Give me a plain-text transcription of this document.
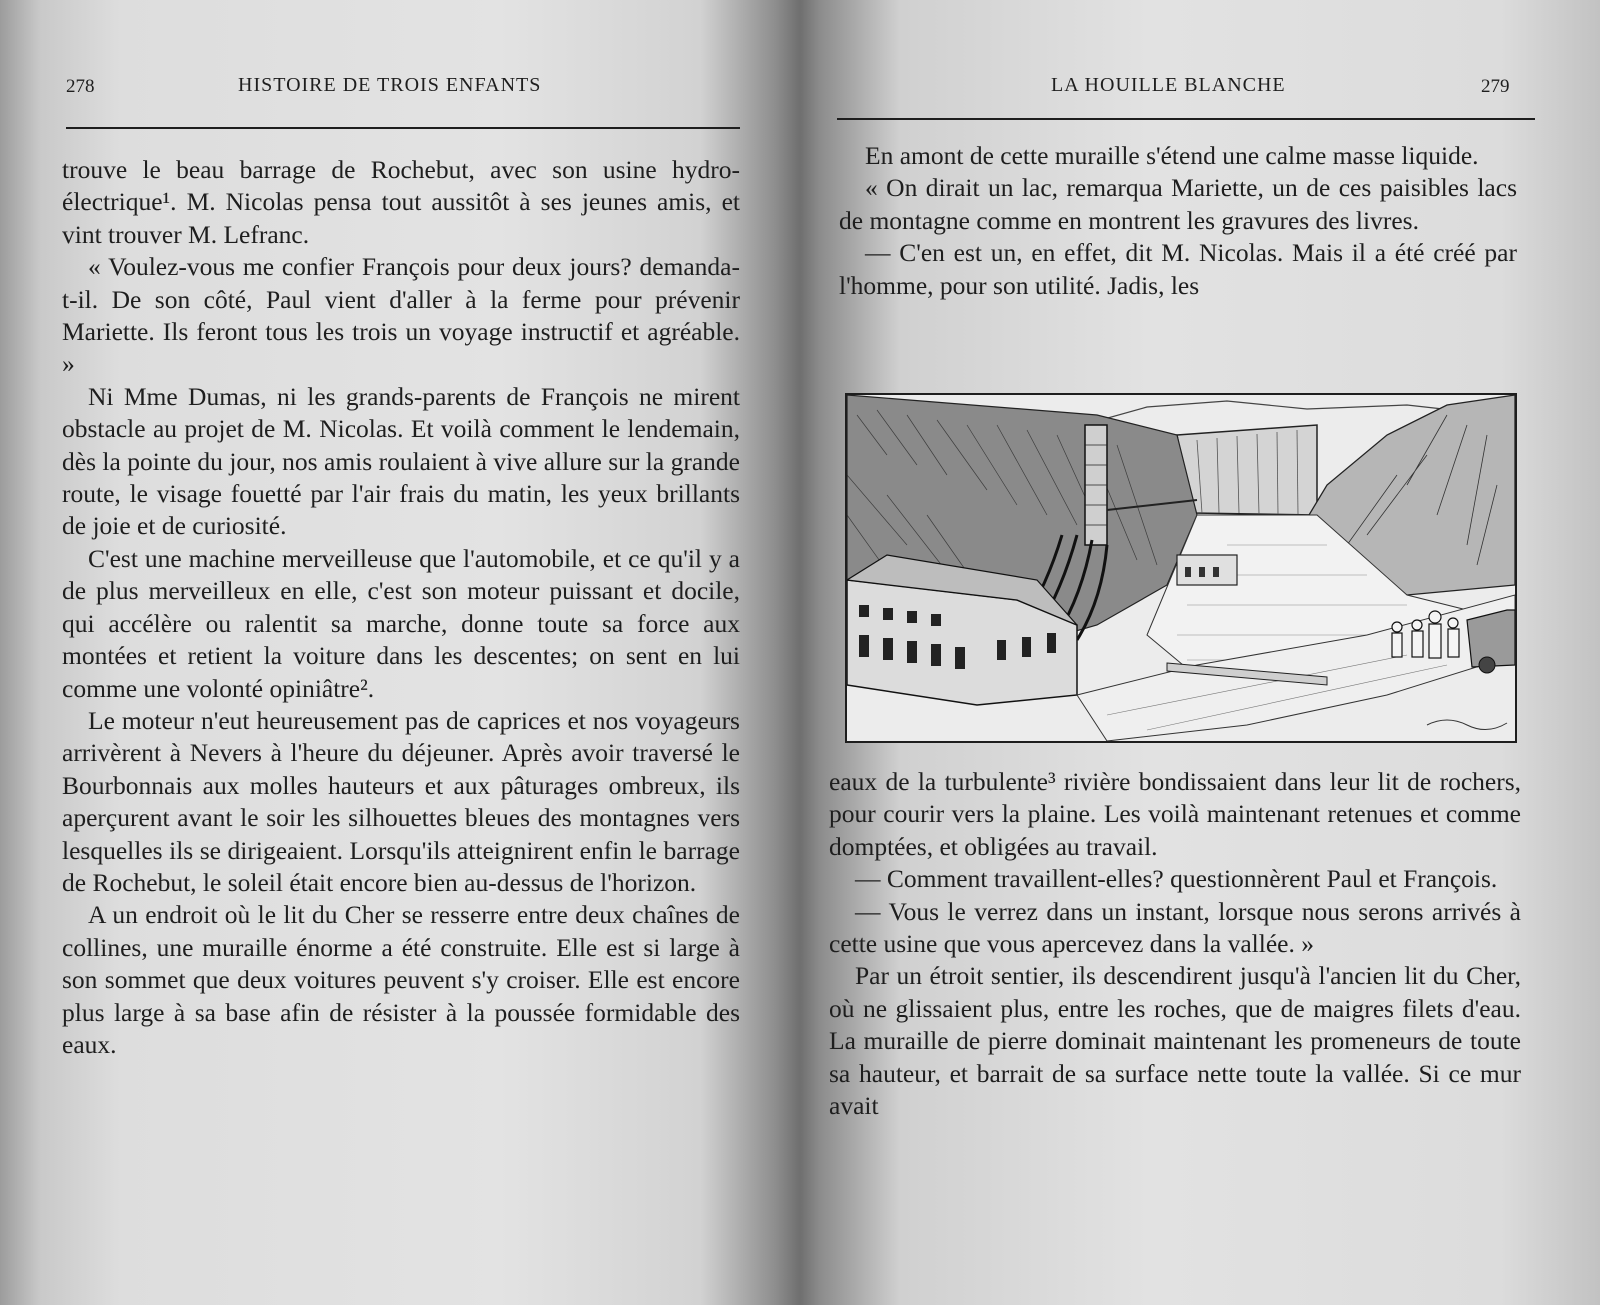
278	HISTOIRE DE TROIS ENFANTS

trouve le beau barrage de Rochebut, avec son usine hydro-électrique¹. M. Nicolas pensa tout aussitôt à ses jeunes amis, et vint trouver M. Lefranc.

« Voulez-vous me confier François pour deux jours? demanda-t-il. De son côté, Paul vient d'aller à la ferme pour prévenir Mariette. Ils feront tous les trois un voyage instructif et agréable. »

Ni Mme Dumas, ni les grands-parents de François ne mirent obstacle au projet de M. Nicolas. Et voilà comment le lendemain, dès la pointe du jour, nos amis roulaient à vive allure sur la grande route, le visage fouetté par l'air frais du matin, les yeux brillants de joie et de curiosité.

C'est une machine merveilleuse que l'automobile, et ce qu'il y a de plus merveilleux en elle, c'est son moteur puissant et docile, qui accélère ou ralentit sa marche, donne toute sa force aux montées et retient la voiture dans les descentes; on sent en lui comme une volonté opiniâtre².

Le moteur n'eut heureusement pas de caprices et nos voyageurs arrivèrent à Nevers à l'heure du déjeuner. Après avoir traversé le Bourbonnais aux molles hauteurs et aux pâturages ombreux, ils aperçurent avant le soir les silhouettes bleues des montagnes vers lesquelles ils se dirigeaient. Lorsqu'ils atteignirent enfin le barrage de Rochebut, le soleil était encore bien au-dessus de l'horizon.

A un endroit où le lit du Cher se resserre entre deux chaînes de collines, une muraille énorme a été construite. Elle est si large à son sommet que deux voitures peuvent s'y croiser. Elle est encore plus large à sa base afin de résister à la poussée formidable des eaux.

LA HOUILLE BLANCHE	279

En amont de cette muraille s'étend une calme masse liquide.

« On dirait un lac, remarqua Mariette, un de ces paisibles lacs de montagne comme en montrent les gravures des livres.

— C'en est un, en effet, dit M. Nicolas. Mais il a été créé par l'homme, pour son utilité. Jadis, les

eaux de la turbulente³ rivière bondissaient dans leur lit de rochers, pour courir vers la plaine. Les voilà maintenant retenues et comme domptées, et obligées au travail.

— Comment travaillent-elles? questionnèrent Paul et François.

— Vous le verrez dans un instant, lorsque nous serons arrivés à cette usine que vous apercevez dans la vallée. »

Par un étroit sentier, ils descendirent jusqu'à l'ancien lit du Cher, où ne glissaient plus, entre les roches, que de maigres filets d'eau. La muraille de pierre dominait maintenant les promeneurs de toute sa hauteur, et barrait de sa surface nette toute la vallée. Si ce mur avait
